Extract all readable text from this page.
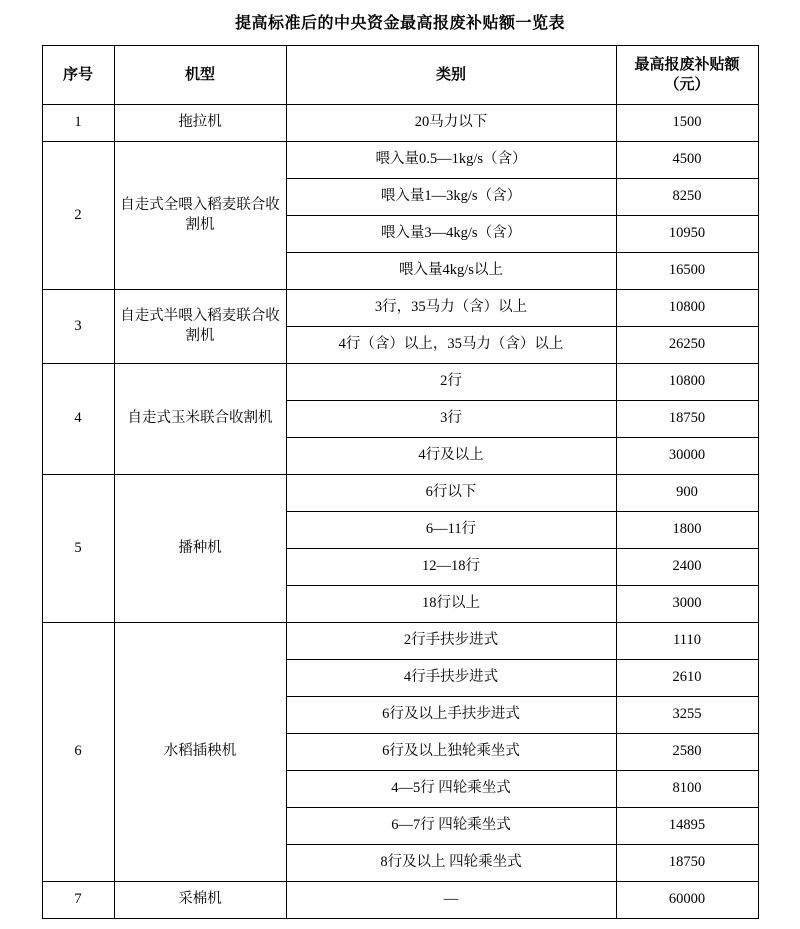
提高标准后的中央资金最高报废补贴额一览表
序号	机型	类别	最高报废补贴额（元）
1	拖拉机	20马力以下	1500
2	自走式全喂入稻麦联合收割机	喂入量0.5—1kg/s（含）	4500
		喂入量1—3kg/s（含）	8250
		喂入量3—4kg/s（含）	10950
		喂入量4kg/s以上	16500
3	自走式半喂入稻麦联合收割机	3行，35马力（含）以上	10800
		4行（含）以上，35马力（含）以上	26250
4	自走式玉米联合收割机	2行	10800
		3行	18750
		4行及以上	30000
5	播种机	6行以下	900
		6—11行	1800
		12—18行	2400
		18行以上	3000
6	水稻插秧机	2行手扶步进式	1110
		4行手扶步进式	2610
		6行及以上手扶步进式	3255
		6行及以上独轮乘坐式	2580
		4—5行 四轮乘坐式	8100
		6—7行 四轮乘坐式	14895
		8行及以上 四轮乘坐式	18750
7	采棉机	—	60000
